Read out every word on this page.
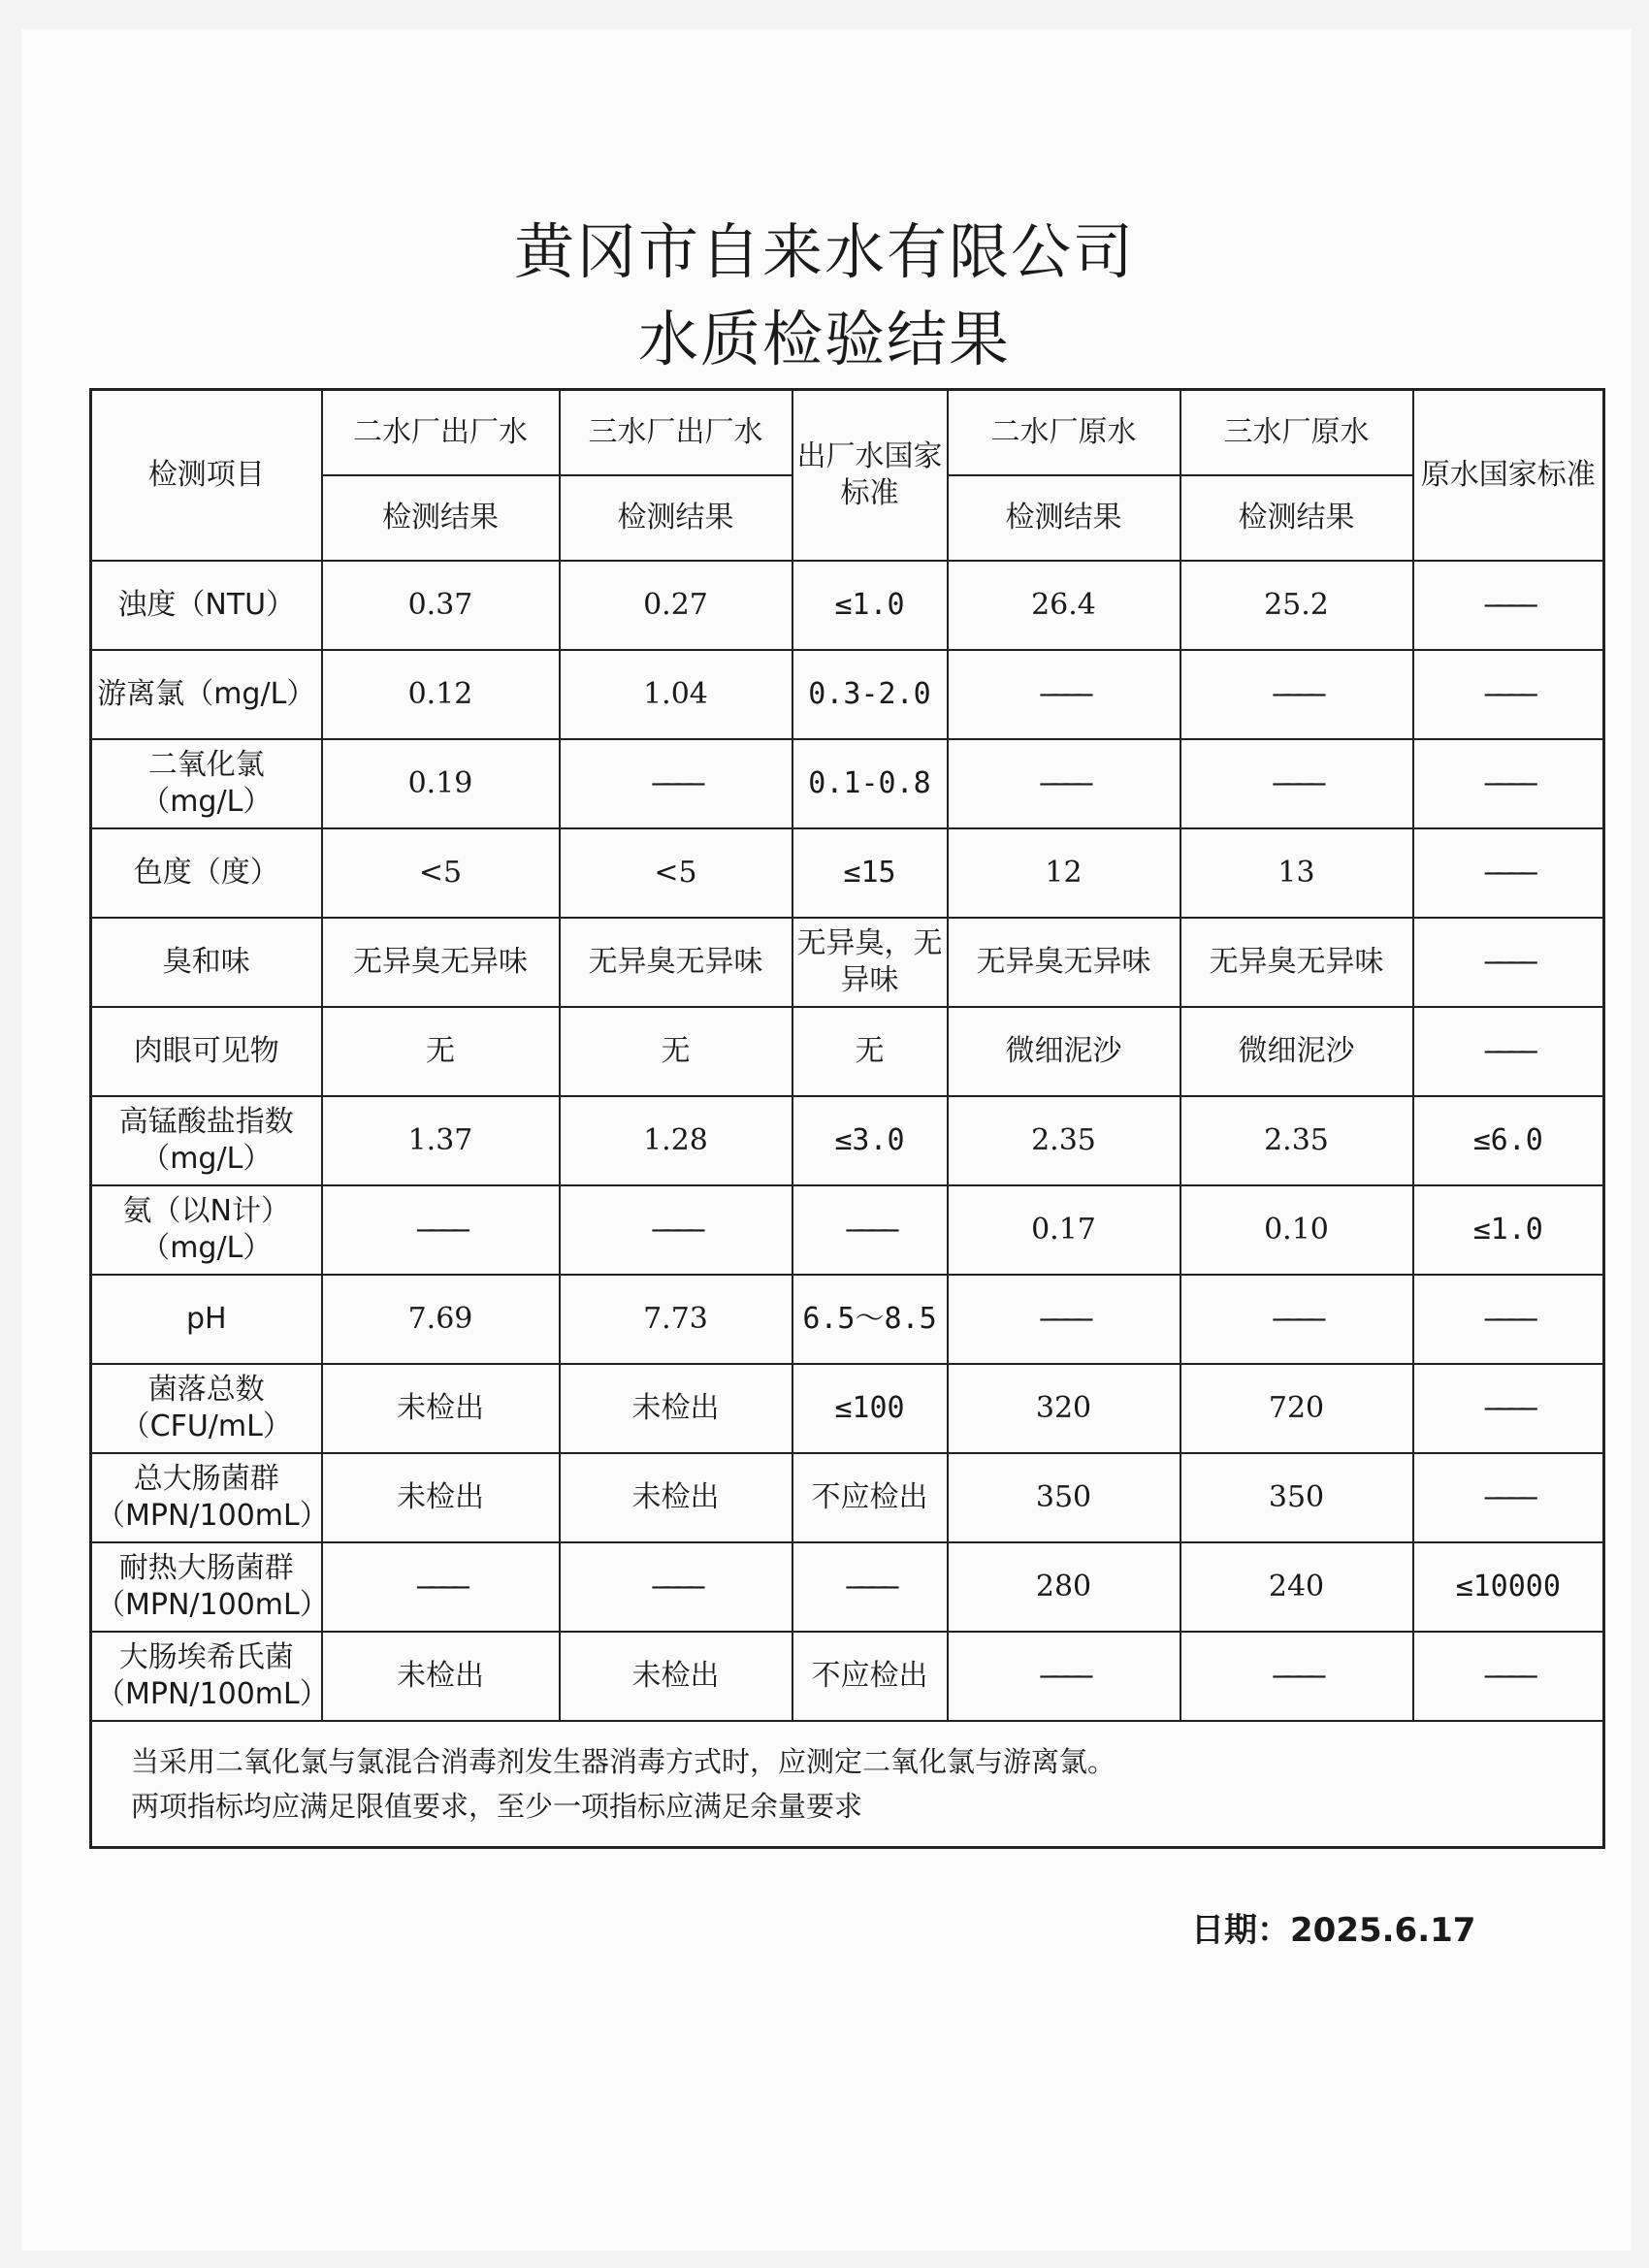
黄冈市自来水有限公司
水质检验结果
检测项目	二水厂出厂水	三水厂出厂水	出厂水国家标准	二水厂原水	三水厂原水	原水国家标准
	检测结果	检测结果		检测结果	检测结果	
浊度（NTU）	0.37	0.27	≤1.0	26.4	25.2	————
游离氯（mg/L）	0.12	1.04	0.3-2.0	————	————	————
二氧化氯（mg/L）	0.19	————	0.1-0.8	————	————	————
色度（度）	<5	<5	≤15	12	13	————
臭和味	无异臭无异味	无异臭无异味	无异臭，无异味	无异臭无异味	无异臭无异味	————
肉眼可见物	无	无	无	微细泥沙	微细泥沙	————
高锰酸盐指数（mg/L）	1.37	1.28	≤3.0	2.35	2.35	≤6.0
氨（以N计）（mg/L）	————	————	————	0.17	0.10	≤1.0
pH	7.69	7.73	6.5～8.5	————	————	————
菌落总数（CFU/mL）	未检出	未检出	≤100	320	720	————
总大肠菌群（MPN/100mL）	未检出	未检出	不应检出	350	350	————
耐热大肠菌群（MPN/100mL）	————	————	————	280	240	≤10000
大肠埃希氏菌（MPN/100mL）	未检出	未检出	不应检出	————	————	————

当采用二氧化氯与氯混合消毒剂发生器消毒方式时，应测定二氧化氯与游离氯。
两项指标均应满足限值要求，至少一项指标应满足余量要求						
日期：2025.6.17
